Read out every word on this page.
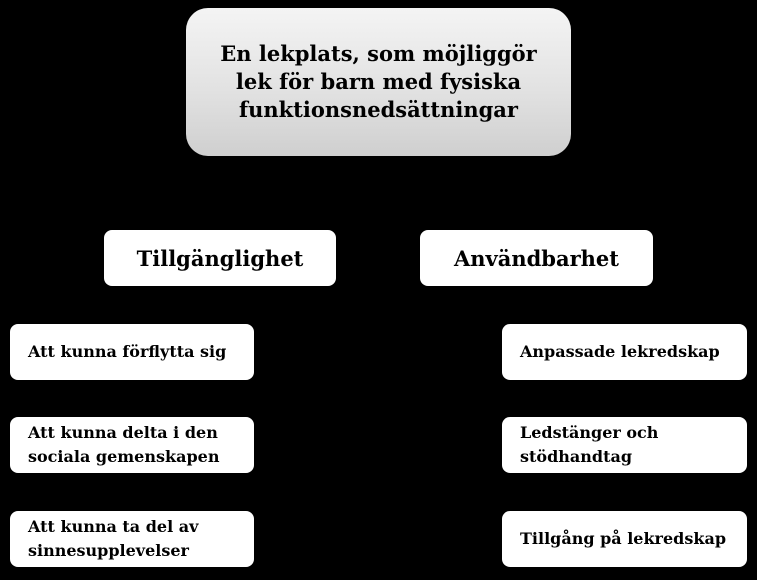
En lekplats, som möjliggör
lek för barn med fysiska
funktionsnedsättningar
Tillgänglighet	Användbarhet
Att kunna förflytta sig
Att kunna delta i den
sociala gemenskapen
Att kunna ta del av
sinnesupplevelser
Anpassade lekredskap
Ledstänger och
stödhandtag
Tillgång på lekredskap
